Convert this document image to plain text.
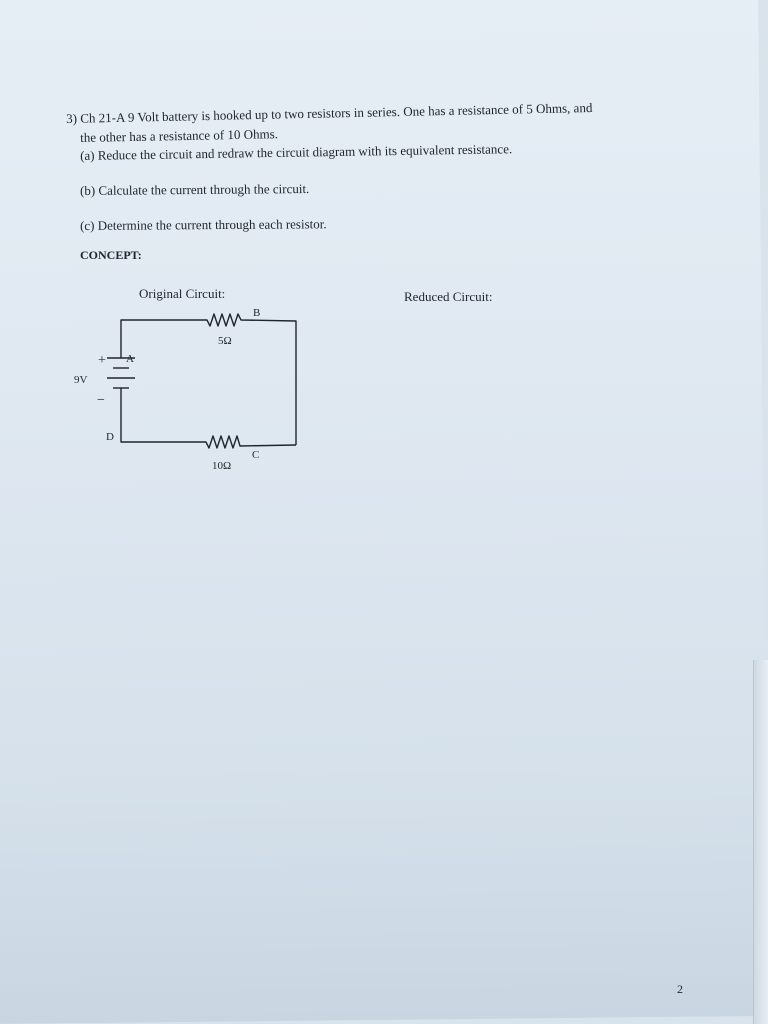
3) Ch 21-A 9 Volt battery is hooked up to two resistors in series. One has a resistance of 5 Ohms, and
the other has a resistance of 10 Ohms.
(a) Reduce the circuit and redraw the circuit diagram with its equivalent resistance.
(b) Calculate the current through the circuit.
(c) Determine the current through each resistor.
CONCEPT:
Original Circuit:	Reduced Circuit:
B
5Ω
+ A
9V
−
D
C
10Ω
2
